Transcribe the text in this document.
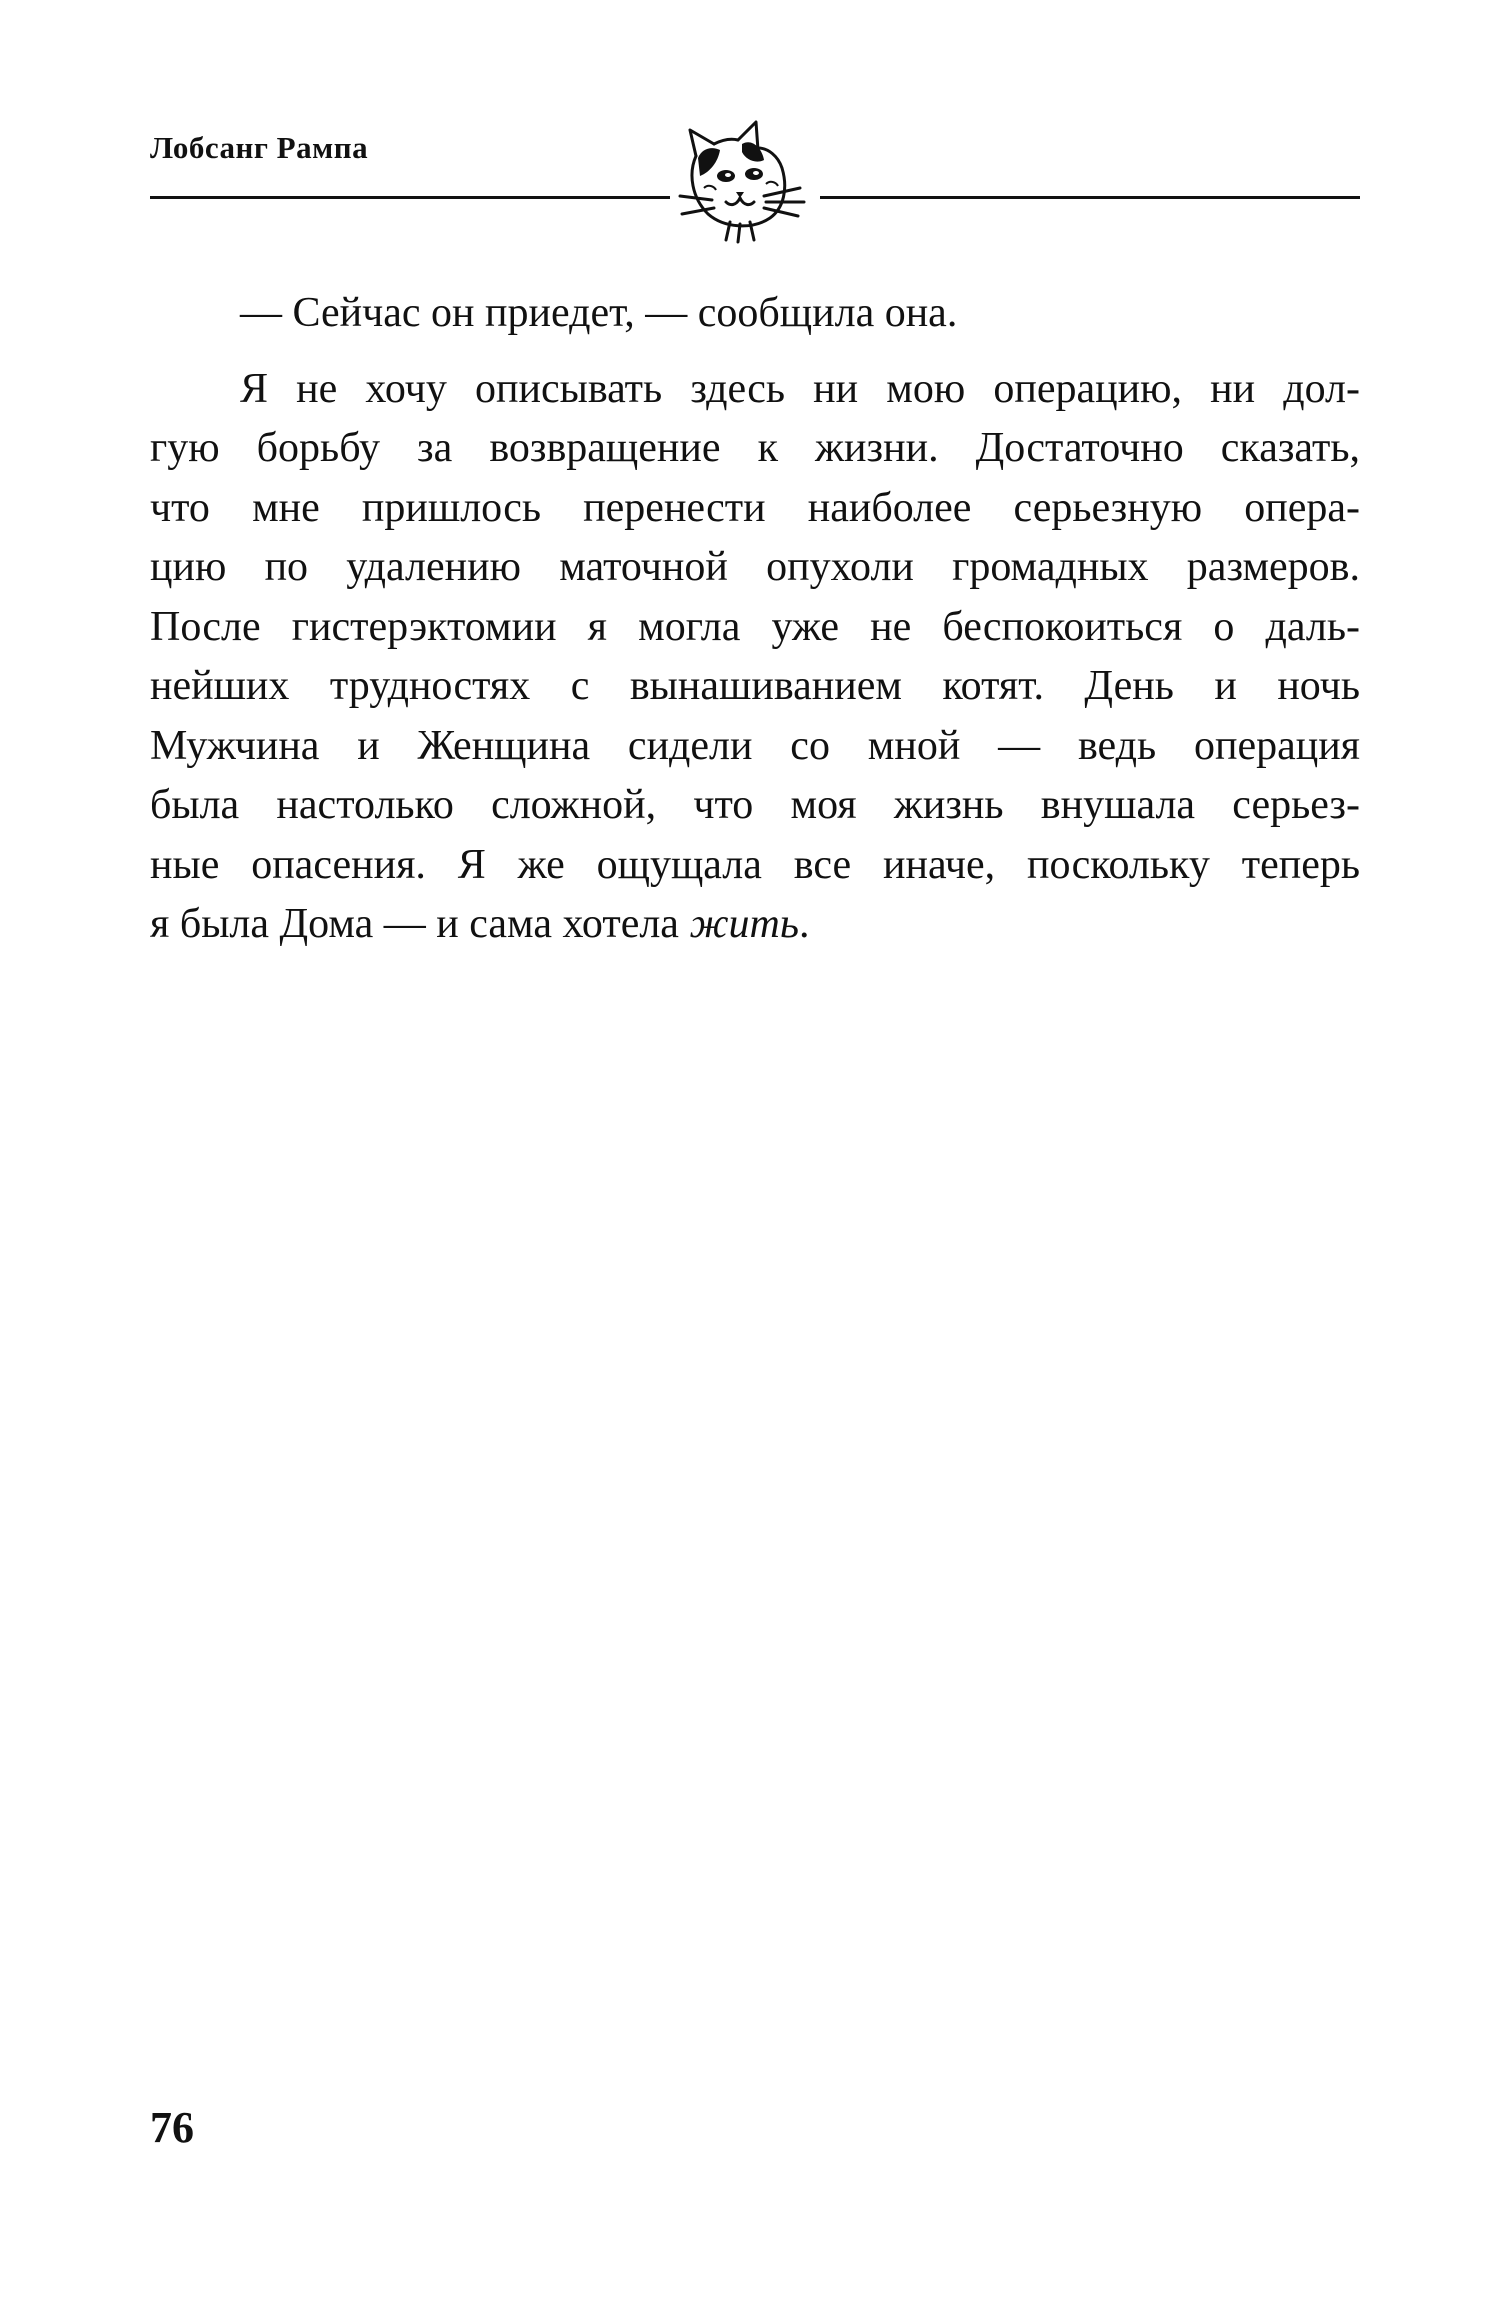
Лобсанг Рампа
— Сейчас он приедет, — сообщила она.
Я не хочу описывать здесь ни мою операцию, ни дол-
гую борьбу за возвращение к жизни. Достаточно сказать,
что мне пришлось перенести наиболее серьезную опера-
цию по удалению маточной опухоли громадных размеров.
После гистерэктомии я могла уже не беспокоиться о даль-
нейших трудностях с вынашиванием котят. День и ночь
Мужчина и Женщина сидели со мной — ведь операция
была настолько сложной, что моя жизнь внушала серьез-
ные опасения. Я же ощущала все иначе, поскольку теперь
я была Дома — и сама хотела жить.
76
